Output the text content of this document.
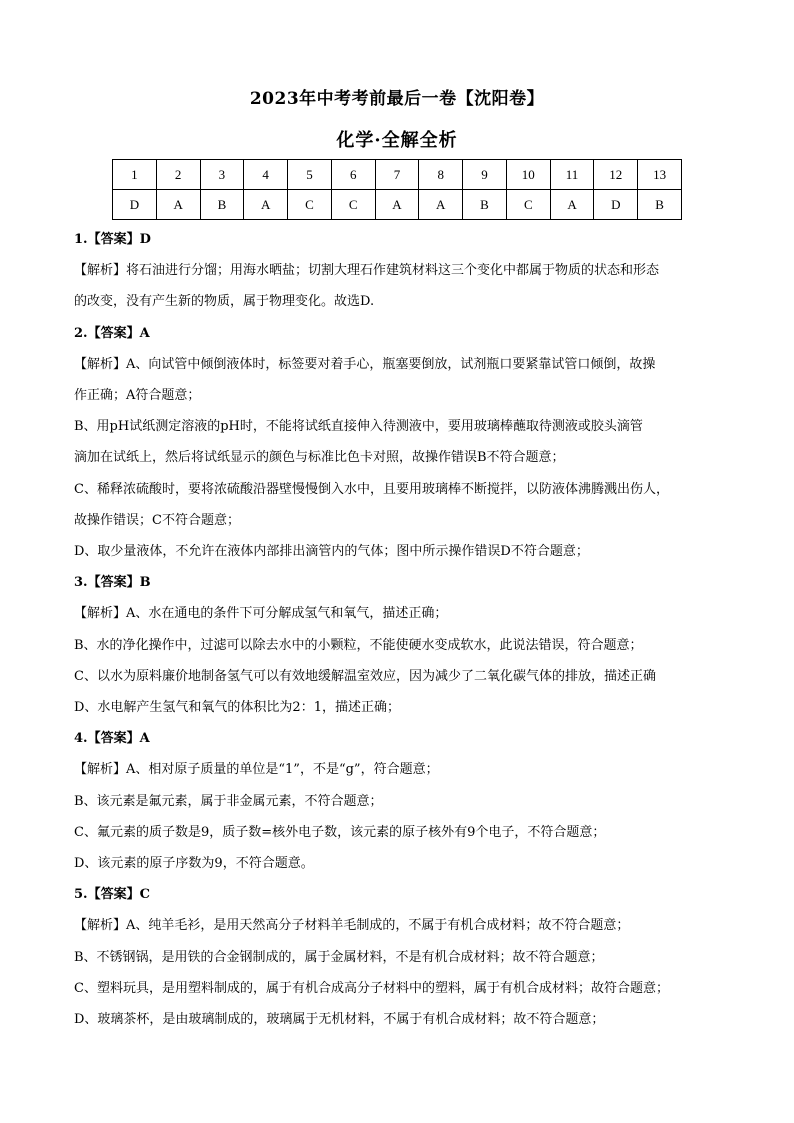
2023年中考考前最后一卷【沈阳卷】
化学·全解全析
1	2	3	4	5	6	7	8	9	10	11	12	13
D	A	B	A	C	C	A	A	B	C	A	D	B
1.【答案】D
【解析】将石油进行分馏；用海水晒盐；切割大理石作建筑材料这三个变化中都属于物质的状态和形态
的改变，没有产生新的物质，属于物理变化。故选D.
2.【答案】A
【解析】A、向试管中倾倒液体时，标签要对着手心，瓶塞要倒放，试剂瓶口要紧靠试管口倾倒，故操
作正确；A符合题意；
B、用pH试纸测定溶液的pH时，不能将试纸直接伸入待测液中，要用玻璃棒蘸取待测液或胶头滴管
滴加在试纸上，然后将试纸显示的颜色与标准比色卡对照，故操作错误B不符合题意；
C、稀释浓硫酸时，要将浓硫酸沿器壁慢慢倒入水中，且要用玻璃棒不断搅拌，以防液体沸腾溅出伤人，
故操作错误；C不符合题意；
D、取少量液体，不允许在液体内部排出滴管内的气体；图中所示操作错误D不符合题意；
3.【答案】B
【解析】A、水在通电的条件下可分解成氢气和氧气，描述正确；
B、水的净化操作中，过滤可以除去水中的小颗粒，不能使硬水变成软水，此说法错误，符合题意；
C、以水为原料廉价地制备氢气可以有效地缓解温室效应，因为减少了二氧化碳气体的排放，描述正确
D、水电解产生氢气和氧气的体积比为2：1，描述正确；
4.【答案】A
【解析】A、相对原子质量的单位是“1”，不是“g”，符合题意；
B、该元素是氟元素，属于非金属元素，不符合题意；
C、氟元素的质子数是9，质子数=核外电子数，该元素的原子核外有9个电子，不符合题意；
D、该元素的原子序数为9，不符合题意。
5.【答案】C
【解析】A、纯羊毛衫，是用天然高分子材料羊毛制成的，不属于有机合成材料；故不符合题意；
B、不锈钢锅，是用铁的合金钢制成的，属于金属材料，不是有机合成材料；故不符合题意；
C、塑料玩具，是用塑料制成的，属于有机合成高分子材料中的塑料，属于有机合成材料；故符合题意；
D、玻璃茶杯，是由玻璃制成的，玻璃属于无机材料，不属于有机合成材料；故不符合题意；
